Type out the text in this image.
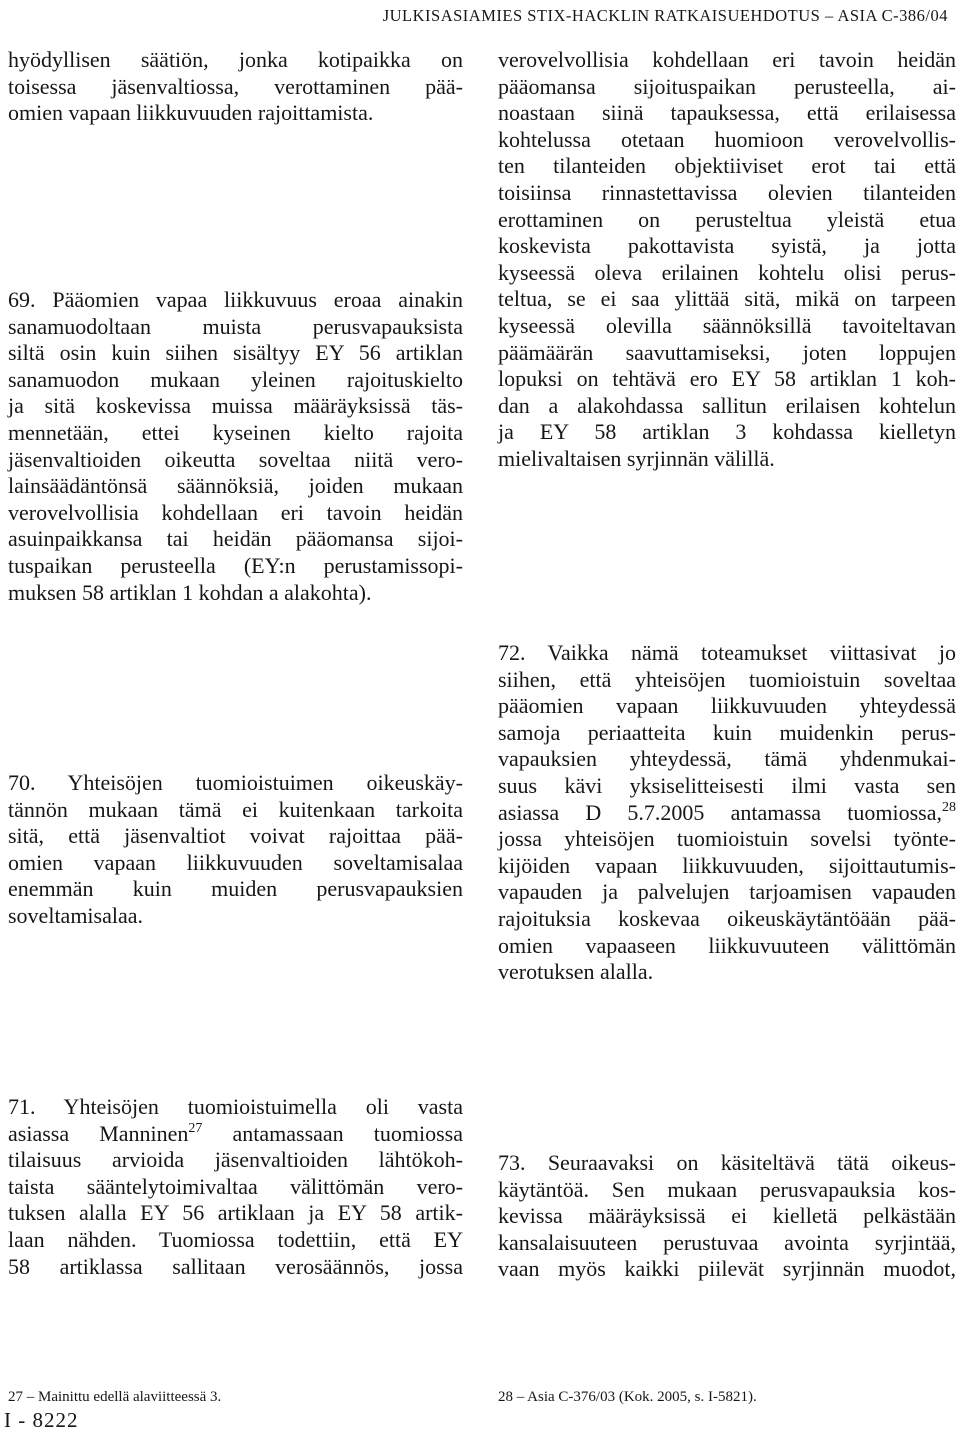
JULKISASIAMIES STIX-HACKLIN RATKAISUEHDOTUS – ASIA C-386/04
hyödyllisen säätiön, jonka kotipaikka on
toisessa jäsenvaltiossa, verottaminen pää-
omien vapaan liikkuvuuden rajoittamista.
69. Pääomien vapaa liikkuvuus eroaa ainakin
sanamuodoltaan muista perusvapauksista
siltä osin kuin siihen sisältyy EY 56 artiklan
sanamuodon mukaan yleinen rajoituskielto
ja sitä koskevissa muissa määräyksissä täs-
mennetään, ettei kyseinen kielto rajoita
jäsenvaltioiden oikeutta soveltaa niitä vero-
lainsäädäntönsä säännöksiä, joiden mukaan
verovelvollisia kohdellaan eri tavoin heidän
asuinpaikkansa tai heidän pääomansa sijoi-
tuspaikan perusteella (EY:n perustamissopi-
muksen 58 artiklan 1 kohdan a alakohta).
70. Yhteisöjen tuomioistuimen oikeuskäy-
tännön mukaan tämä ei kuitenkaan tarkoita
sitä, että jäsenvaltiot voivat rajoittaa pää-
omien vapaan liikkuvuuden soveltamisalaa
enemmän kuin muiden perusvapauksien
soveltamisalaa.
71. Yhteisöjen tuomioistuimella oli vasta
asiassa Manninen$^{27}$ antamassaan tuomiossa
tilaisuus arvioida jäsenvaltioiden lähtökoh-
taista sääntelytoimivaltaa välittömän vero-
tuksen alalla EY 56 artiklaan ja EY 58 artik-
laan nähden. Tuomiossa todettiin, että EY
58 artiklassa sallitaan verosäännös, jossa
verovelvollisia kohdellaan eri tavoin heidän
pääomansa sijoituspaikan perusteella, ai-
noastaan siinä tapauksessa, että erilaisessa
kohtelussa otetaan huomioon verovelvollis-
ten tilanteiden objektiiviset erot tai että
toisiinsa rinnastettavissa olevien tilanteiden
erottaminen on perusteltua yleistä etua
koskevista pakottavista syistä, ja jotta
kyseessä oleva erilainen kohtelu olisi perus-
teltua, se ei saa ylittää sitä, mikä on tarpeen
kyseessä olevilla säännöksillä tavoiteltavan
päämäärän saavuttamiseksi, joten loppujen
lopuksi on tehtävä ero EY 58 artiklan 1 koh-
dan a alakohdassa sallitun erilaisen kohtelun
ja EY 58 artiklan 3 kohdassa kielletyn
mielivaltaisen syrjinnän välillä.
72. Vaikka nämä toteamukset viittasivat jo
siihen, että yhteisöjen tuomioistuin soveltaa
pääomien vapaan liikkuvuuden yhteydessä
samoja periaatteita kuin muidenkin perus-
vapauksien yhteydessä, tämä yhdenmukai-
suus kävi yksiselitteisesti ilmi vasta sen
asiassa D 5.7.2005 antamassa tuomiossa,$^{28}$
jossa yhteisöjen tuomioistuin sovelsi työnte-
kijöiden vapaan liikkuvuuden, sijoittautumis-
vapauden ja palvelujen tarjoamisen vapauden
rajoituksia koskevaa oikeuskäytäntöään pää-
omien vapaaseen liikkuvuuteen välittömän
verotuksen alalla.
73. Seuraavaksi on käsiteltävä tätä oikeus-
käytäntöä. Sen mukaan perusvapauksia kos-
kevissa määräyksissä ei kielletä pelkästään
kansalaisuuteen perustuvaa avointa syrjintää,
vaan myös kaikki piilevät syrjinnän muodot,
27 – Mainittu edellä alaviitteessä 3.	28 – Asia C-376/03 (Kok. 2005, s. I-5821).
I - 8222
